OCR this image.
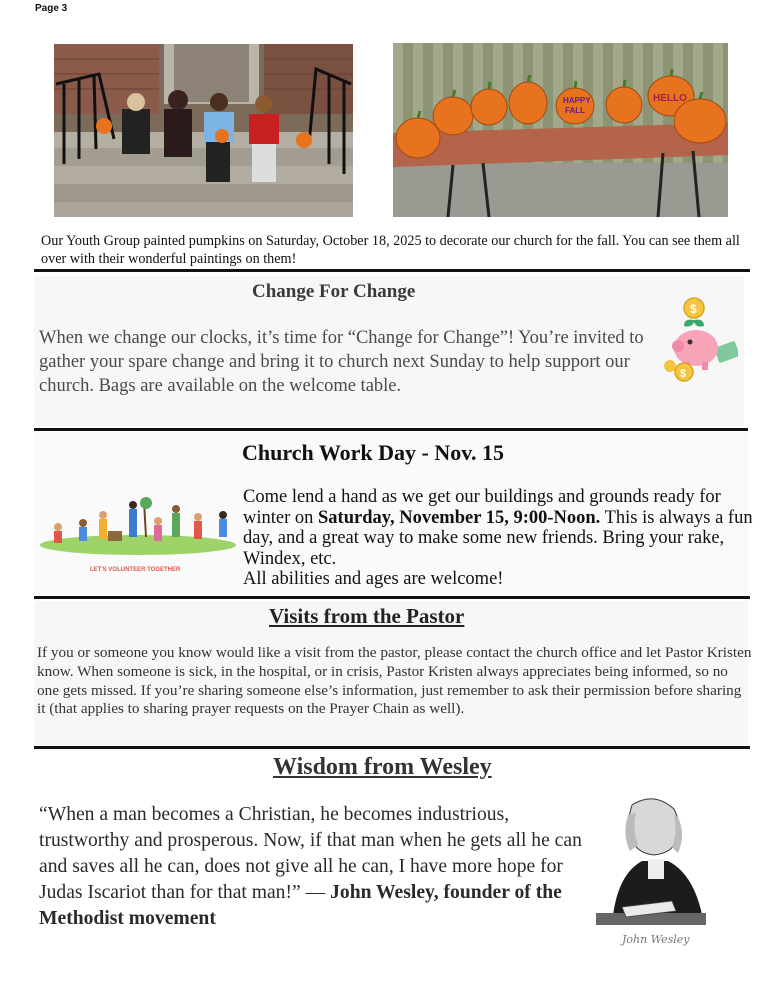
Page 3
HAPPY
FALL
HELLO
Our Youth Group painted pumpkins on Saturday, October 18, 2025 to decorate our church for the fall. You can see them all over with their wonderful paintings on them!
Change For Change
When we change our clocks, it’s time for “Change for Change”! You’re invited to gather your spare change and bring it to church next Sunday to help support our church. Bags are available on the welcome table.
$
$
Church Work Day - Nov. 15
LET'S VOLUNTEER TOGETHER
Come lend a hand as we get our buildings and grounds ready for winter on Saturday, November 15, 9:00-Noon. This is always a fun day, and a great way to make some new friends. Bring your rake, Windex, etc.
All abilities and ages are welcome!
Visits from the Pastor
If you or someone you know would like a visit from the pastor, please contact the church office and let Pastor Kristen know. When someone is sick, in the hospital, or in crisis, Pastor Kristen always appreciates being informed, so no one gets missed. If you’re sharing someone else’s information, just remember to ask their permission before sharing it (that applies to sharing prayer requests on the Prayer Chain as well).
Wisdom from Wesley
“When a man becomes a Christian, he becomes industrious, trustworthy and prosperous. Now, if that man when he gets all he can and saves all he can, does not give all he can, I have more hope for Judas Iscariot than for that man!” — John Wesley, founder of the Methodist movement
John Wesley
